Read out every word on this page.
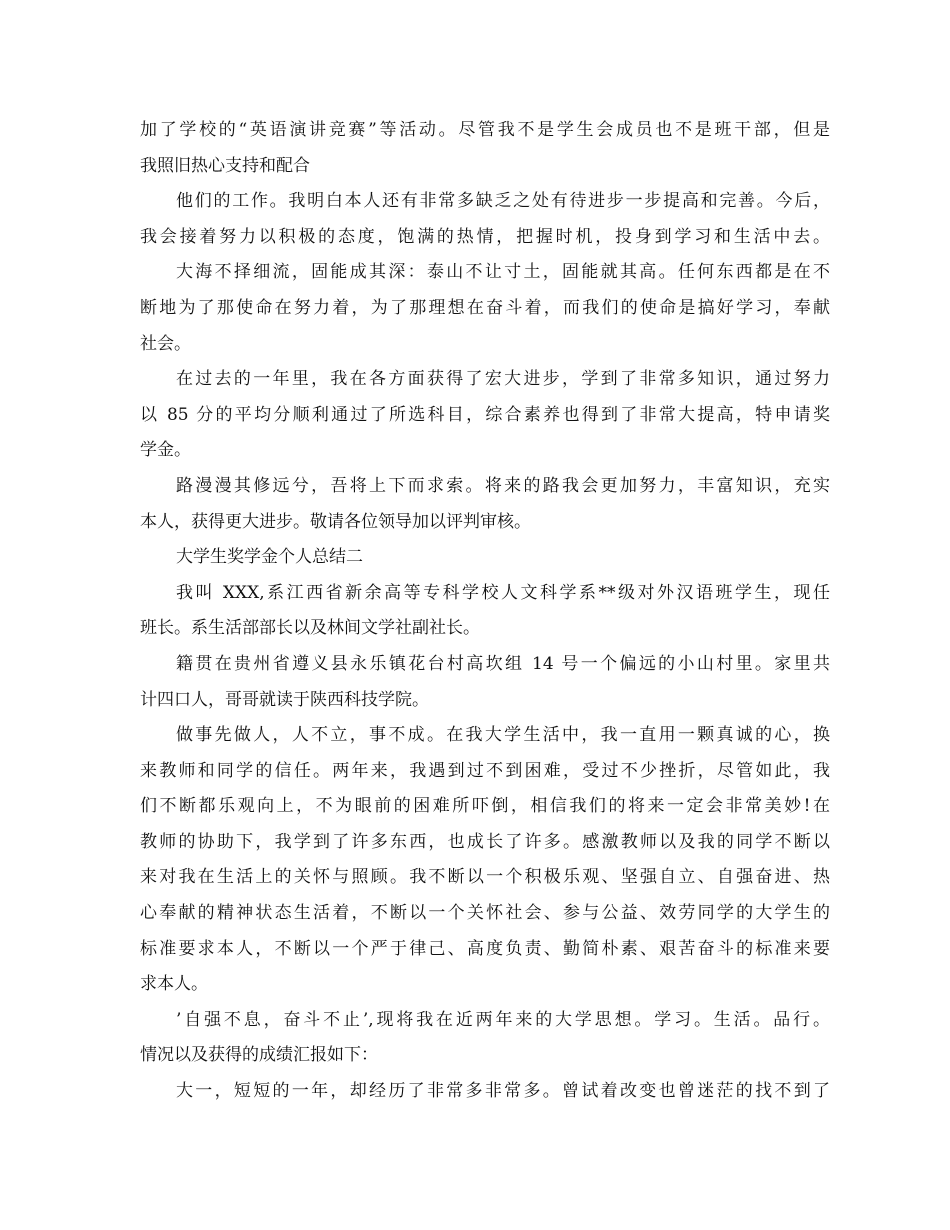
加了学校的“英语演讲竞赛”等活动。尽管我不是学生会成员也不是班干部，但是
我照旧热心支持和配合
他们的工作。我明白本人还有非常多缺乏之处有待进步一步提高和完善。今后，
我会接着努力以积极的态度，饱满的热情，把握时机，投身到学习和生活中去。
大海不择细流，固能成其深：泰山不让寸土，固能就其高。任何东西都是在不
断地为了那使命在努力着，为了那理想在奋斗着，而我们的使命是搞好学习，奉献
社会。
在过去的一年里，我在各方面获得了宏大进步，学到了非常多知识，通过努力
以 85 分的平均分顺利通过了所选科目，综合素养也得到了非常大提高，特申请奖
学金。
路漫漫其修远兮，吾将上下而求索。将来的路我会更加努力，丰富知识，充实
本人，获得更大进步。敬请各位领导加以评判审核。
大学生奖学金个人总结二
我叫 XXX,系江西省新余高等专科学校人文科学系**级对外汉语班学生，现任
班长。系生活部部长以及林间文学社副社长。
籍贯在贵州省遵义县永乐镇花台村高坎组 14 号一个偏远的小山村里。家里共
计四口人，哥哥就读于陕西科技学院。
做事先做人，人不立，事不成。在我大学生活中，我一直用一颗真诚的心，换
来教师和同学的信任。两年来，我遇到过不到困难，受过不少挫折，尽管如此，我
们不断都乐观向上，不为眼前的困难所吓倒，相信我们的将来一定会非常美妙!在
教师的协助下，我学到了许多东西，也成长了许多。感激教师以及我的同学不断以
来对我在生活上的关怀与照顾。我不断以一个积极乐观、坚强自立、自强奋进、热
心奉献的精神状态生活着，不断以一个关怀社会、参与公益、效劳同学的大学生的
标准要求本人，不断以一个严于律己、高度负责、勤简朴素、艰苦奋斗的标准来要
求本人。
’自强不息，奋斗不止’,现将我在近两年来的大学思想。学习。生活。品行。
情况以及获得的成绩汇报如下：
大一，短短的一年，却经历了非常多非常多。曾试着改变也曾迷茫的找不到了
